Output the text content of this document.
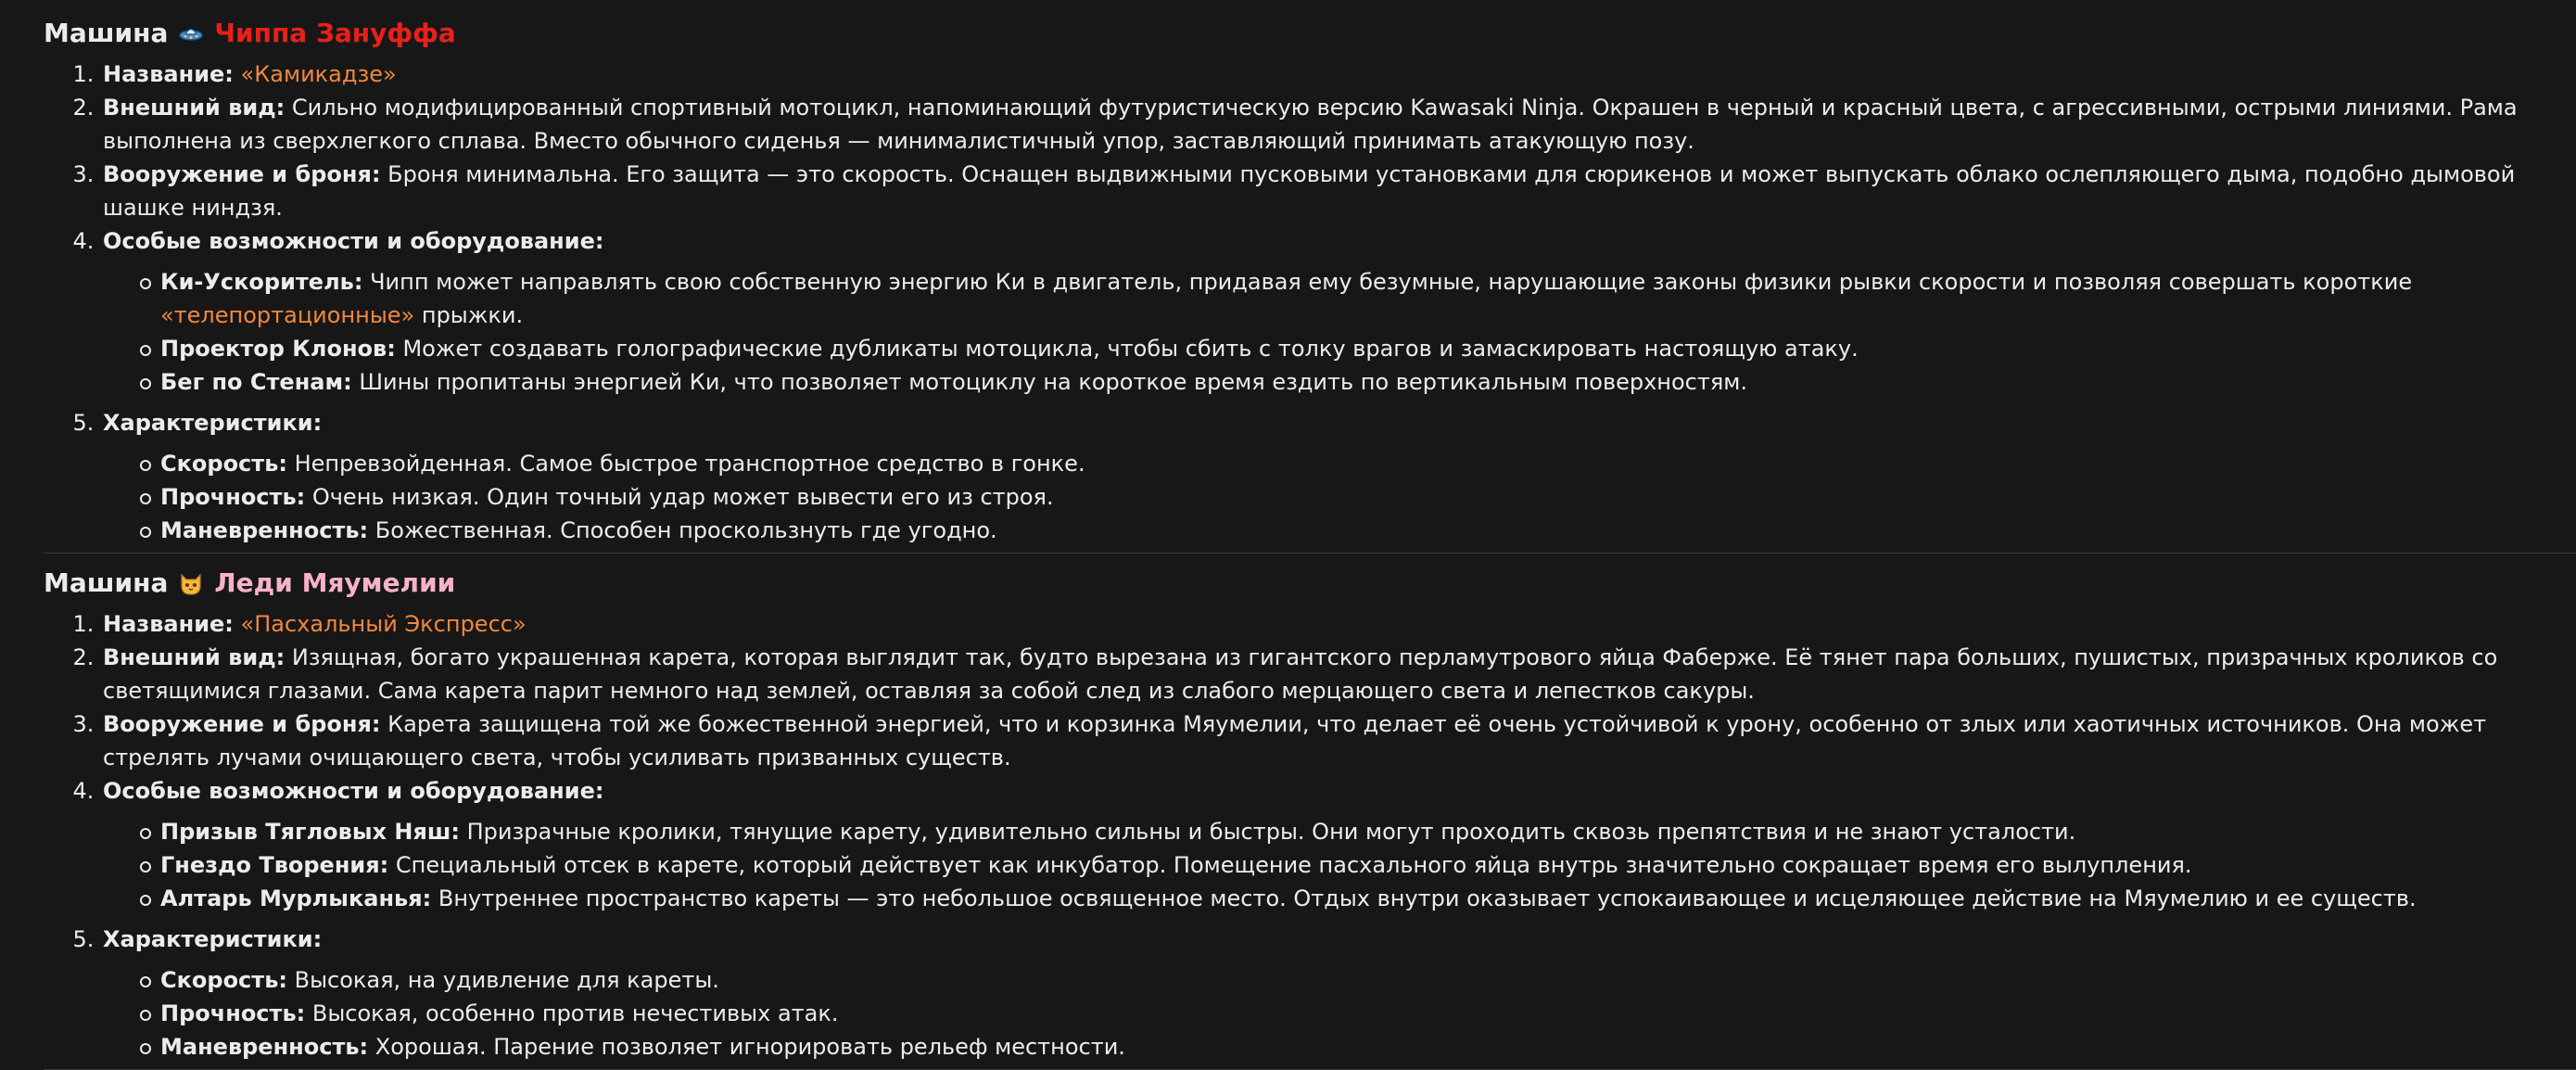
Машина Чиппа Зануффа
1. Название: «Камикадзе»
2. Внешний вид: Сильно модифицированный спортивный мотоцикл, напоминающий футуристическую версию Kawasaki Ninja. Окрашен в черный и красный цвета, с агрессивными, острыми линиями. Рама выполнена из сверхлегкого сплава. Вместо обычного сиденья — минималистичный упор, заставляющий принимать атакующую позу.
3. Вооружение и броня: Броня минимальна. Его защита — это скорость. Оснащен выдвижными пусковыми установками для сюрикенов и может выпускать облако ослепляющего дыма, подобно дымовой шашке ниндзя.
4. Особые возможности и оборудование:
Ки-Ускоритель: Чипп может направлять свою собственную энергию Ки в двигатель, придавая ему безумные, нарушающие законы физики рывки скорости и позволяя совершать короткие «телепортационные» прыжки.
Проектор Клонов: Может создавать голографические дубликаты мотоцикла, чтобы сбить с толку врагов и замаскировать настоящую атаку.
Бег по Стенам: Шины пропитаны энергией Ки, что позволяет мотоциклу на короткое время ездить по вертикальным поверхностям.
5. Характеристики:
Скорость: Непревзойденная. Самое быстрое транспортное средство в гонке.
Прочность: Очень низкая. Один точный удар может вывести его из строя.
Маневренность: Божественная. Способен проскользнуть где угодно.
Машина Леди Мяумелии
1. Название: «Пасхальный Экспресс»
2. Внешний вид: Изящная, богато украшенная карета, которая выглядит так, будто вырезана из гигантского перламутрового яйца Фаберже. Её тянет пара больших, пушистых, призрачных кроликов со светящимися глазами. Сама карета парит немного над землей, оставляя за собой след из слабого мерцающего света и лепестков сакуры.
3. Вооружение и броня: Карета защищена той же божественной энергией, что и корзинка Мяумелии, что делает её очень устойчивой к урону, особенно от злых или хаотичных источников. Она может стрелять лучами очищающего света, чтобы усиливать призванных существ.
4. Особые возможности и оборудование:
Призыв Тягловых Няш: Призрачные кролики, тянущие карету, удивительно сильны и быстры. Они могут проходить сквозь препятствия и не знают усталости.
Гнездо Творения: Специальный отсек в карете, который действует как инкубатор. Помещение пасхального яйца внутрь значительно сокращает время его вылупления.
Алтарь Мурлыканья: Внутреннее пространство кареты — это небольшое освященное место. Отдых внутри оказывает успокаивающее и исцеляющее действие на Мяумелию и ее существ.
5. Характеристики:
Скорость: Высокая, на удивление для кареты.
Прочность: Высокая, особенно против нечестивых атак.
Маневренность: Хорошая. Парение позволяет игнорировать рельеф местности.
